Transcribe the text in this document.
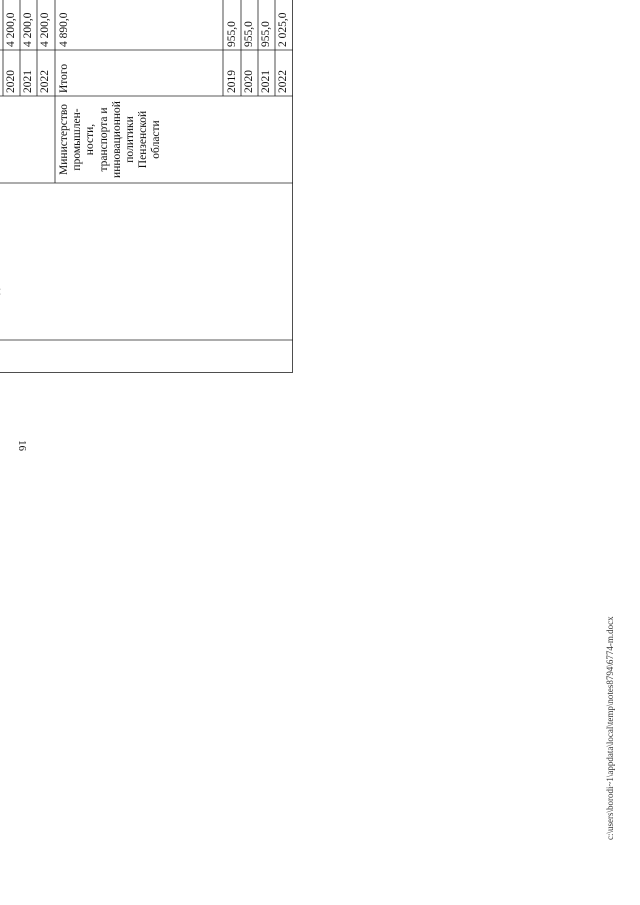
16
c:\users\borodi~1\appdata\local\temp\notes8794\6774-m.docx
2020
4 200,0
2021
4 200,0
2022
4 200,0
Министерство промышлен-ности, транспорта и инновационной политики Пензенской области
Итого
4 890,0
2019
955,0
2020
955,0
2021
955,0
2022
2 025,0
